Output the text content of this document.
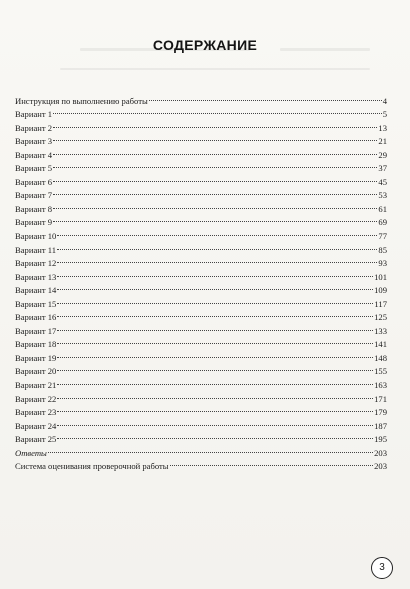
СОДЕРЖАНИЕ
Инструкция по выполнению работы	4
Вариант 1	5
Вариант 2	13
Вариант 3	21
Вариант 4	29
Вариант 5	37
Вариант 6	45
Вариант 7	53
Вариант 8	61
Вариант 9	69
Вариант 10	77
Вариант 11	85
Вариант 12	93
Вариант 13	101
Вариант 14	109
Вариант 15	117
Вариант 16	125
Вариант 17	133
Вариант 18	141
Вариант 19	148
Вариант 20	155
Вариант 21	163
Вариант 22	171
Вариант 23	179
Вариант 24	187
Вариант 25	195
Ответы	203
Система оценивания проверочной работы	203
3
